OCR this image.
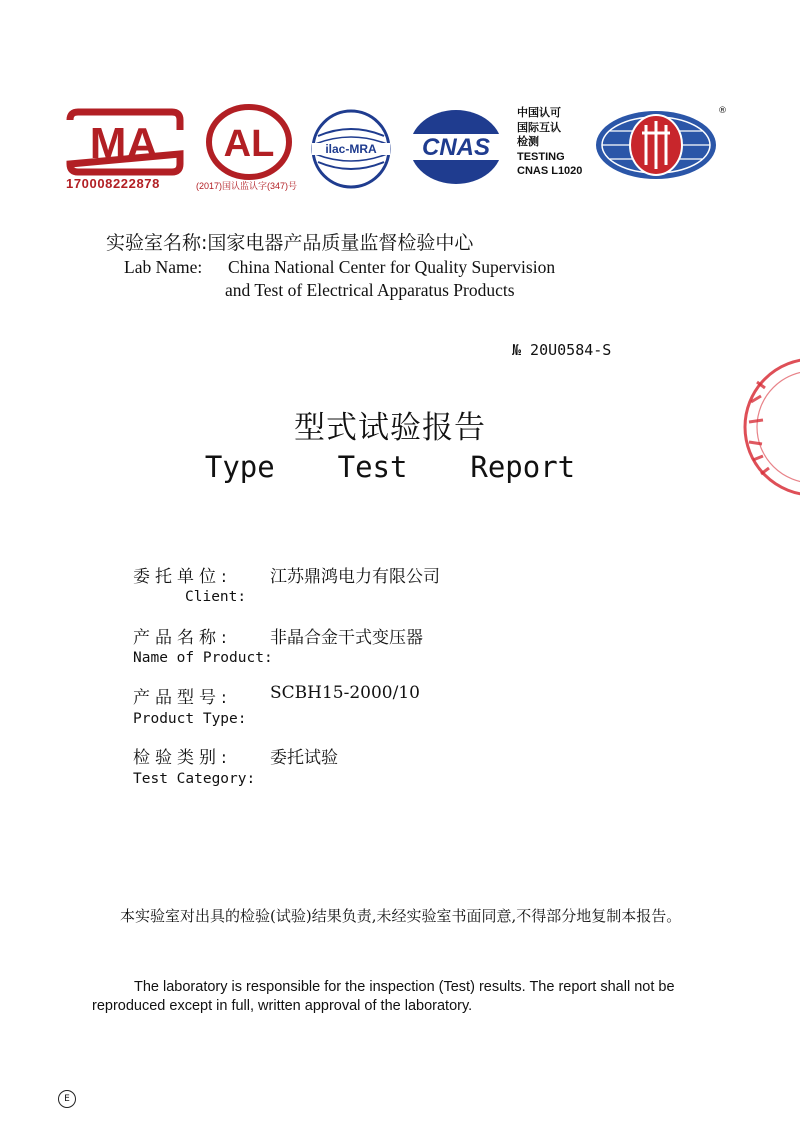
MA
170008222878
AL
(2017)国认监认字(347)号
ilac-MRA CNAS
中国认可
国际互认
检测
TESTING
CNAS L1020
®
实验室名称:国家电器产品质量监督检验中心
Lab Name: China National Center for Quality Supervision
and Test of Electrical Apparatus Products
№ 20U0584-S
型式试验报告
Type  Test  Report
委托单位: 江苏鼎鸿电力有限公司
Client:
产品名称: 非晶合金干式变压器
Name of Product:
产品型号: SCBH15-2000/10
Product Type:
检验类别: 委托试验
Test Category:
本实验室对出具的检验(试验)结果负责,未经实验室书面同意,不得部分地复制本报告。
The laboratory is responsible for the inspection (Test) results. The report shall not be reproduced except in full, written approval of the laboratory.
E
